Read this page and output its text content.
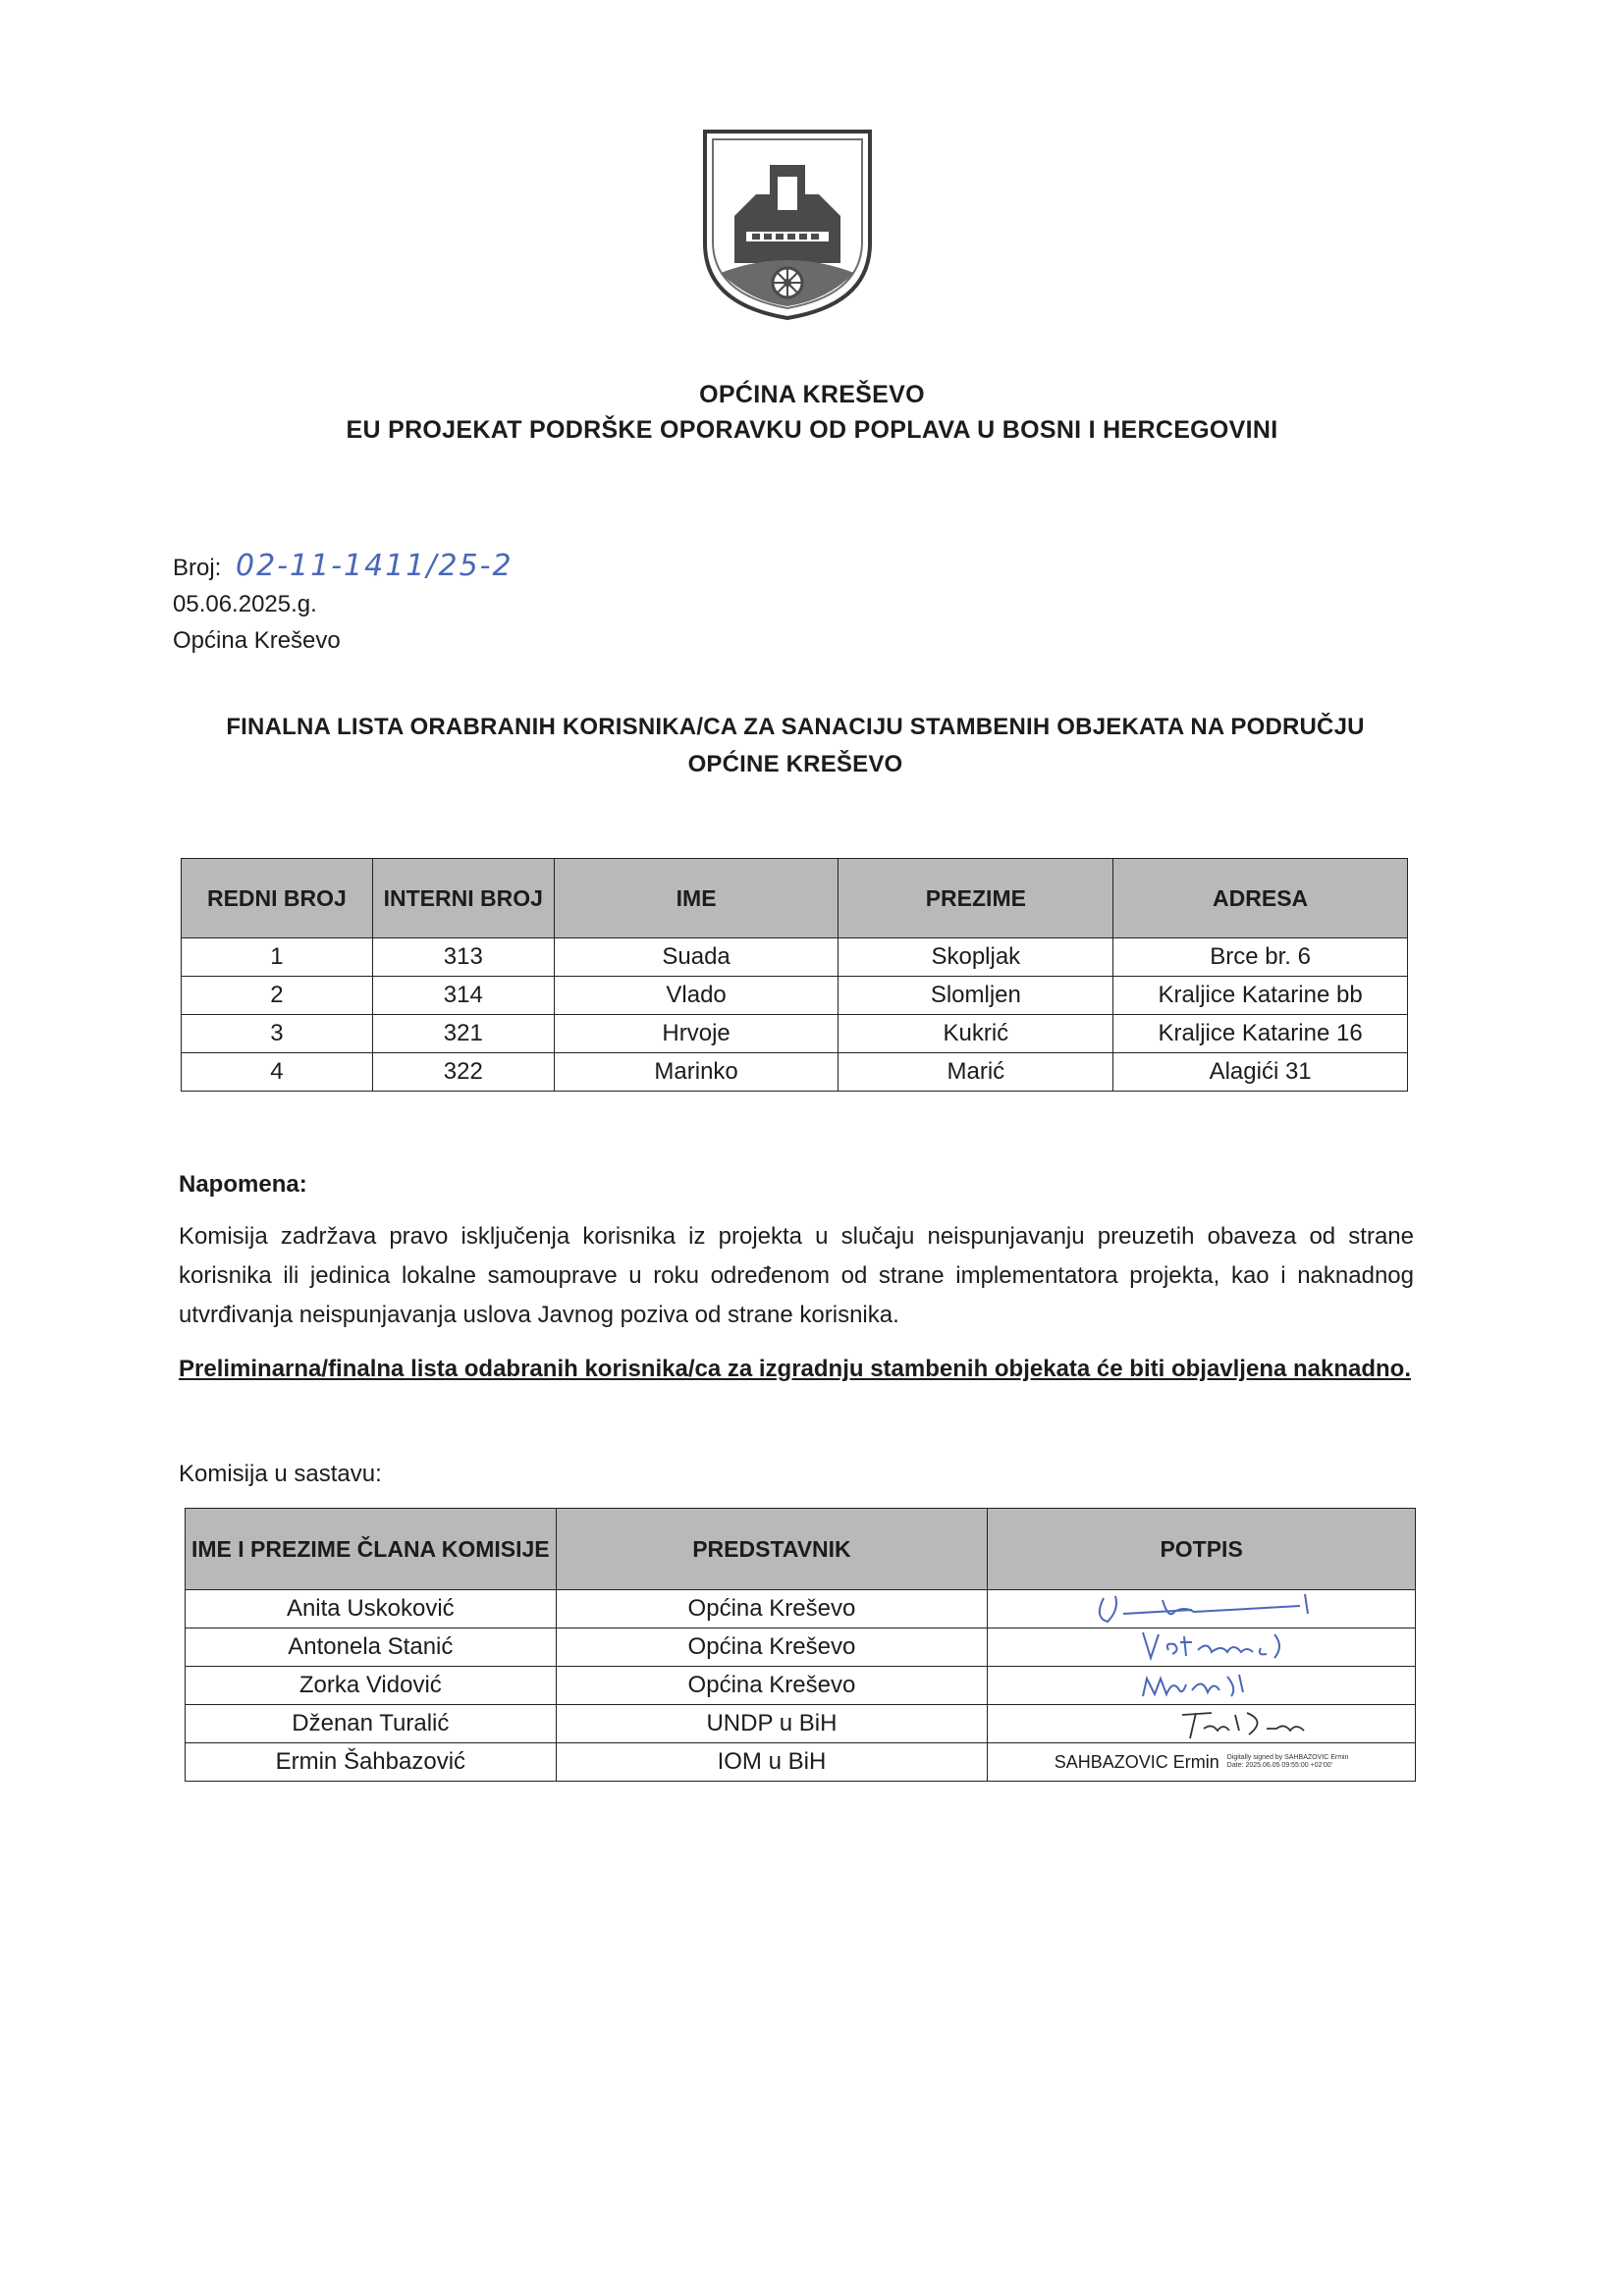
OPĆINA KREŠEVO
EU PROJEKAT PODRŠKE OPORAVKU OD POPLAVA U BOSNI I HERCEGOVINI
Broj: 02-11-1411/25-2
05.06.2025.g.
Općina Kreševo
FINALNA LISTA ORABRANIH KORISNIKA/CA ZA SANACIJU STAMBENIH OBJEKATA NA PODRUČJU OPĆINE KREŠEVO
REDNI BROJ	INTERNI BROJ	IME	PREZIME	ADRESA
1	313	Suada	Skopljak	Brce br. 6
2	314	Vlado	Slomljen	Kraljice Katarine bb
3	321	Hrvoje	Kukrić	Kraljice Katarine 16
4	322	Marinko	Marić	Alagići 31
Napomena:
Komisija zadržava pravo isključenja korisnika iz projekta u slučaju neispunjavanju preuzetih obaveza od strane korisnika ili jedinica lokalne samouprave u roku određenom od strane implementatora projekta, kao i naknadnog utvrđivanja neispunjavanja uslova Javnog poziva od strane korisnika.
Preliminarna/finalna lista odabranih korisnika/ca za izgradnju stambenih objekata će biti objavljena naknadno.
Komisija u sastavu:
IME I PREZIME ČLANA KOMISIJE	PREDSTAVNIK	POTPIS
Anita Uskoković	Općina Kreševo	

Antonela Stanić	Općina Kreševo	

Zorka Vidović	Općina Kreševo	

Dženan Turalić	UNDP u BiH	

Ermin Šahbazović	IOM u BiH	SAHBAZOVIC Ermin Digitally signed by SAHBAZOVIC Ermin
Date: 2025.06.05 09:55:00 +02'00'
